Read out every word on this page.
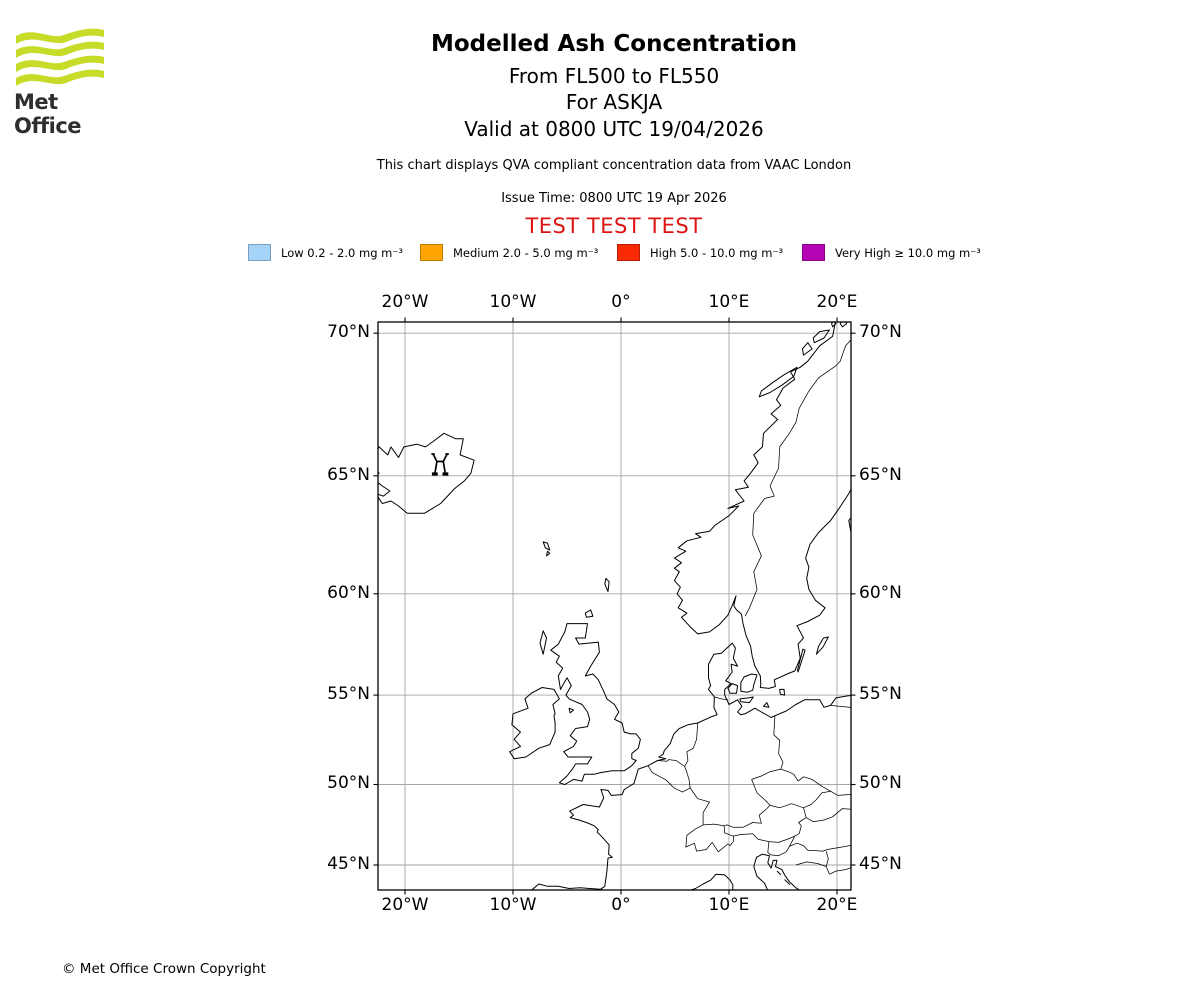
Met Office
Modelled Ash Concentration
From FL500 to FL550
For ASKJA
Valid at 0800 UTC 19/04/2026
This chart displays QVA compliant concentration data from VAAC London
Issue Time: 0800 UTC 19 Apr 2026
TEST TEST TEST
Low 0.2 - 2.0 mg m⁻³	Medium 2.0 - 5.0 mg m⁻³	High 5.0 - 10.0 mg m⁻³	Very High ≥ 10.0 mg m⁻³
© Met Office Crown Copyright
20°W
20°W
10°W
10°W
0°
0°
10°E
10°E
20°E
20°E
70°N	70°N
65°N	65°N
60°N	60°N
55°N	55°N
50°N	50°N
45°N	45°N
